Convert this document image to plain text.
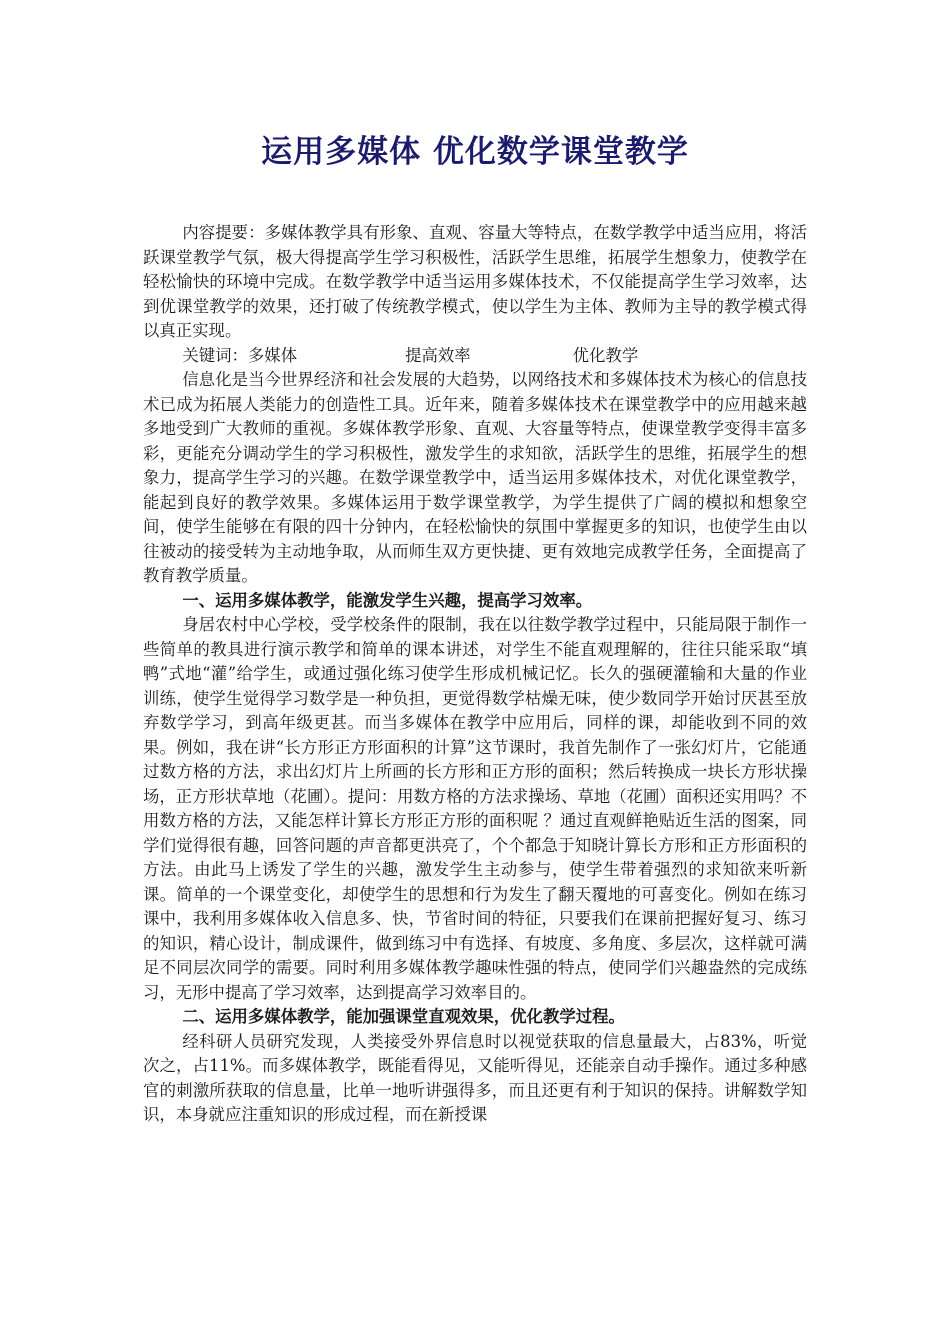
运用多媒体 优化数学课堂教学

内容提要：多媒体教学具有形象、直观、容量大等特点，在数学教学中适当应用，将活跃课堂教学气氛，极大得提高学生学习积极性，活跃学生思维，拓展学生想象力，使教学在轻松愉快的环境中完成。在数学教学中适当运用多媒体技术，不仅能提高学生学习效率，达到优课堂教学的效果，还打破了传统教学模式，使以学生为主体、教师为主导的教学模式得以真正实现。

关键词：多媒体	提高效率	优化教学

信息化是当今世界经济和社会发展的大趋势，以网络技术和多媒体技术为核心的信息技术已成为拓展人类能力的创造性工具。近年来，随着多媒体技术在课堂教学中的应用越来越多地受到广大教师的重视。多媒体教学形象、直观、大容量等特点，使课堂教学变得丰富多彩，更能充分调动学生的学习积极性，激发学生的求知欲，活跃学生的思维，拓展学生的想象力，提高学生学习的兴趣。在数学课堂教学中，适当运用多媒体技术，对优化课堂教学，能起到良好的教学效果。多媒体运用于数学课堂教学，为学生提供了广阔的模拟和想象空间，使学生能够在有限的四十分钟内，在轻松愉快的氛围中掌握更多的知识，也使学生由以往被动的接受转为主动地争取，从而师生双方更快捷、更有效地完成教学任务，全面提高了教育教学质量。

一、运用多媒体教学，能激发学生兴趣，提高学习效率。

身居农村中心学校，受学校条件的限制，我在以往数学教学过程中，只能局限于制作一些简单的教具进行演示教学和简单的课本讲述，对学生不能直观理解的，往往只能采取“填鸭”式地“灌”给学生，或通过强化练习使学生形成机械记忆。长久的强硬灌输和大量的作业训练，使学生觉得学习数学是一种负担，更觉得数学枯燥无味，使少数同学开始讨厌甚至放弃数学学习，到高年级更甚。而当多媒体在教学中应用后，同样的课，却能收到不同的效果。例如，我在讲“长方形正方形面积的计算”这节课时，我首先制作了一张幻灯片，它能通过数方格的方法，求出幻灯片上所画的长方形和正方形的面积；然后转换成一块长方形状操场，正方形状草地（花圃）。提问：用数方格的方法求操场、草地（花圃）面积还实用吗？不用数方格的方法，又能怎样计算长方形正方形的面积呢 ？通过直观鲜艳贴近生活的图案，同学们觉得很有趣，回答问题的声音都更洪亮了，个个都急于知晓计算长方形和正方形面积的方法。由此马上诱发了学生的兴趣，激发学生主动参与，使学生带着强烈的求知欲来听新课。简单的一个课堂变化，却使学生的思想和行为发生了翻天覆地的可喜变化。例如在练习课中，我利用多媒体收入信息多、快，节省时间的特征，只要我们在课前把握好复习、练习的知识，精心设计，制成课件，做到练习中有选择、有坡度、多角度、多层次，这样就可满足不同层次同学的需要。同时利用多媒体教学趣味性强的特点，使同学们兴趣盎然的完成练习，无形中提高了学习效率，达到提高学习效率目的。

二、运用多媒体教学，能加强课堂直观效果，优化教学过程。

经科研人员研究发现，人类接受外界信息时以视觉获取的信息量最大，占83%，听觉次之，占11%。而多媒体教学，既能看得见，又能听得见，还能亲自动手操作。通过多种感官的刺激所获取的信息量，比单一地听讲强得多，而且还更有利于知识的保持。讲解数学知识，本身就应注重知识的形成过程，而在新授课
